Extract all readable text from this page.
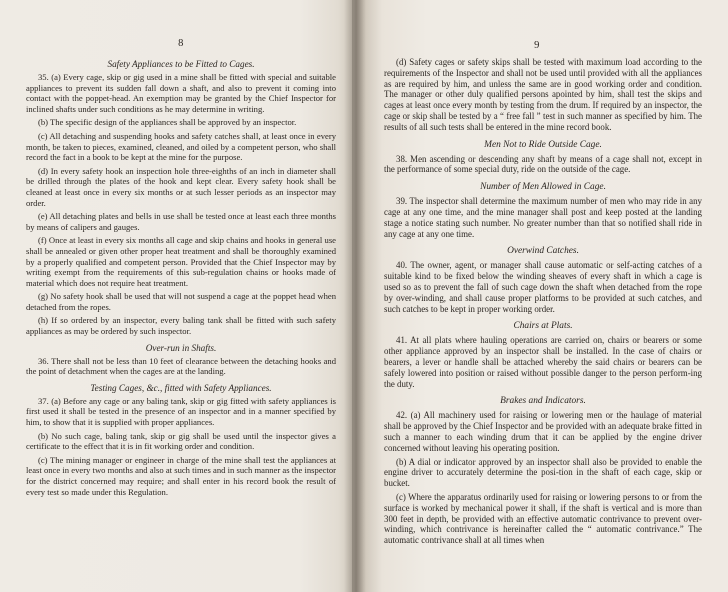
8
Safety Appliances to be Fitted to Cages.

35. (a) Every cage, skip or gig used in a mine shall be fitted with special and suitable appliances to prevent its sudden fall down a shaft, and also to prevent it coming into contact with the poppet-head. An exemption may be granted by the Chief Inspector for inclined shafts under such conditions as he may determine in writing.

(b) The specific design of the appliances shall be approved by an inspector.

(c) All detaching and suspending hooks and safety catches shall, at least once in every month, be taken to pieces, examined, cleaned, and oiled by a competent person, who shall record the fact in a book to be kept at the mine for the purpose.

(d) In every safety hook an inspection hole three-eighths of an inch in diameter shall be drilled through the plates of the hook and kept clear. Every safety hook shall be cleaned at least once in every six months or at such lesser periods as an inspector may order.

(e) All detaching plates and bells in use shall be tested once at least each three months by means of calipers and gauges.

(f) Once at least in every six months all cage and skip chains and hooks in general use shall be annealed or given other proper heat treatment and shall be thoroughly examined by a properly qualified and competent person. Provided that the Chief Inspector may by writing exempt from the requirements of this sub-regulation chains or hooks made of material which does not require heat treatment.

(g) No safety hook shall be used that will not suspend a cage at the poppet head when detached from the ropes.

(h) If so ordered by an inspector, every baling tank shall be fitted with such safety appliances as may be ordered by such inspector.

Over-run in Shafts.

36. There shall not be less than 10 feet of clearance between the detaching hooks and the point of detachment when the cages are at the landing.

Testing Cages, &c., fitted with Safety Appliances.

37. (a) Before any cage or any baling tank, skip or gig fitted with safety appliances is first used it shall be tested in the presence of an inspector and in a manner specified by him, to show that it is supplied with proper appliances.

(b) No such cage, baling tank, skip or gig shall be used until the inspector gives a certificate to the effect that it is in fit working order and condition.

(c) The mining manager or engineer in charge of the mine shall test the appliances at least once in every two months and also at such times and in such manner as the inspector for the district concerned may require; and shall enter in his record book the result of every test so made under this Regulation.

9

(d) Safety cages or safety skips shall be tested with maximum load according to the requirements of the Inspector and shall not be used until provided with all the appliances as are required by him, and unless the same are in good working order and condition. The manager or other duly qualified persons apointed by him, shall test the skips and cages at least once every month by testing from the drum. If required by an inspector, the cage or skip shall be tested by a “ free fall ” test in such manner as specified by him. The results of all such tests shall be entered in the mine record book.

Men Not to Ride Outside Cage.

38. Men ascending or descending any shaft by means of a cage shall not, except in the performance of some special duty, ride on the outside of the cage.

Number of Men Allowed in Cage.

39. The inspector shall determine the maximum number of men who may ride in any cage at any one time, and the mine manager shall post and keep posted at the landing stage a notice stating such number. No greater number than that so notified shall ride in any cage at any one time.

Overwind Catches.

40. The owner, agent, or manager shall cause automatic or self-acting catches of a suitable kind to be fixed below the winding sheaves of every shaft in which a cage is used so as to prevent the fall of such cage down the shaft when detached from the rope by over-winding, and shall cause proper platforms to be provided at such catches, and such catches to be kept in proper working order.

Chairs at Plats.

41. At all plats where hauling operations are carried on, chairs or bearers or some other appliance approved by an inspector shall be installed. In the case of chairs or bearers, a lever or handle shall be attached whereby the said chairs or bearers can be safely lowered into position or raised without possible danger to the person perform-ing the duty.

Brakes and Indicators.

42. (a) All machinery used for raising or lowering men or the haulage of material shall be approved by the Chief Inspector and be provided with an adequate brake fitted in such a manner to each winding drum that it can be applied by the engine driver concerned without leaving his operating position.

(b) A dial or indicator approved by an inspector shall also be provided to enable the engine driver to accurately determine the posi-tion in the shaft of each cage, skip or bucket.

(c) Where the apparatus ordinarily used for raising or lowering persons to or from the surface is worked by mechanical power it shall, if the shaft is vertical and is more than 300 feet in depth, be provided with an effective automatic contrivance to prevent over-winding, which contrivance is hereinafter called the “ automatic contrivance.” The automatic contrivance shall at all times when
